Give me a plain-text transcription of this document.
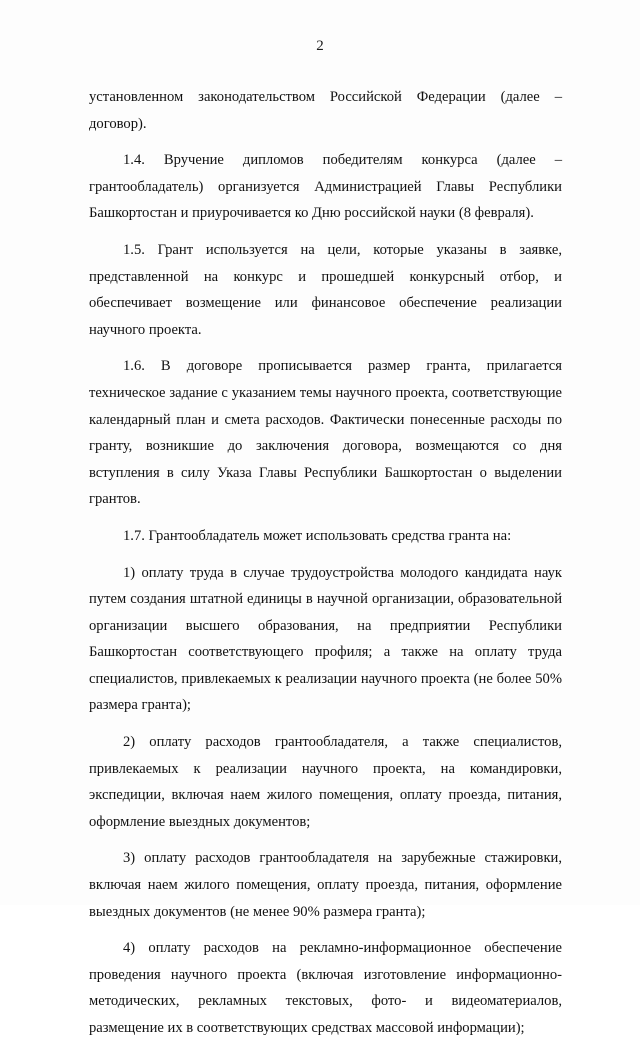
2

установленном законодательством Российской Федерации (далее – договор).

1.4. Вручение дипломов победителям конкурса (далее – грантообладатель) организуется Администрацией Главы Республики Башкортостан и приурочивается ко Дню российской науки (8 февраля).

1.5. Грант используется на цели, которые указаны в заявке, представленной на конкурс и прошедшей конкурсный отбор, и обеспечивает возмещение или финансовое обеспечение реализации научного проекта.

1.6. В договоре прописывается размер гранта, прилагается техническое задание с указанием темы научного проекта, соответствующие календарный план и смета расходов. Фактически понесенные расходы по гранту, возникшие до заключения договора, возмещаются со дня вступления в силу Указа Главы Республики Башкортостан о выделении грантов.

1.7. Грантообладатель может использовать средства гранта на:

1) оплату труда в случае трудоустройства молодого кандидата наук путем создания штатной единицы в научной организации, образовательной организации высшего образования, на предприятии Республики Башкортостан соответствующего профиля; а также на оплату труда специалистов, привлекаемых к реализации научного проекта (не более 50% размера гранта);

2) оплату расходов грантообладателя, а также специалистов, привлекаемых к реализации научного проекта, на командировки, экспедиции, включая наем жилого помещения, оплату проезда, питания, оформление выездных документов;

3) оплату расходов грантообладателя на зарубежные стажировки, включая наем жилого помещения, оплату проезда, питания, оформление выездных документов (не менее 90% размера гранта);

4) оплату расходов на рекламно-информационное обеспечение проведения научного проекта (включая изготовление информационно-методических, рекламных текстовых, фото- и видеоматериалов, размещение их в соответствующих средствах массовой информации);
